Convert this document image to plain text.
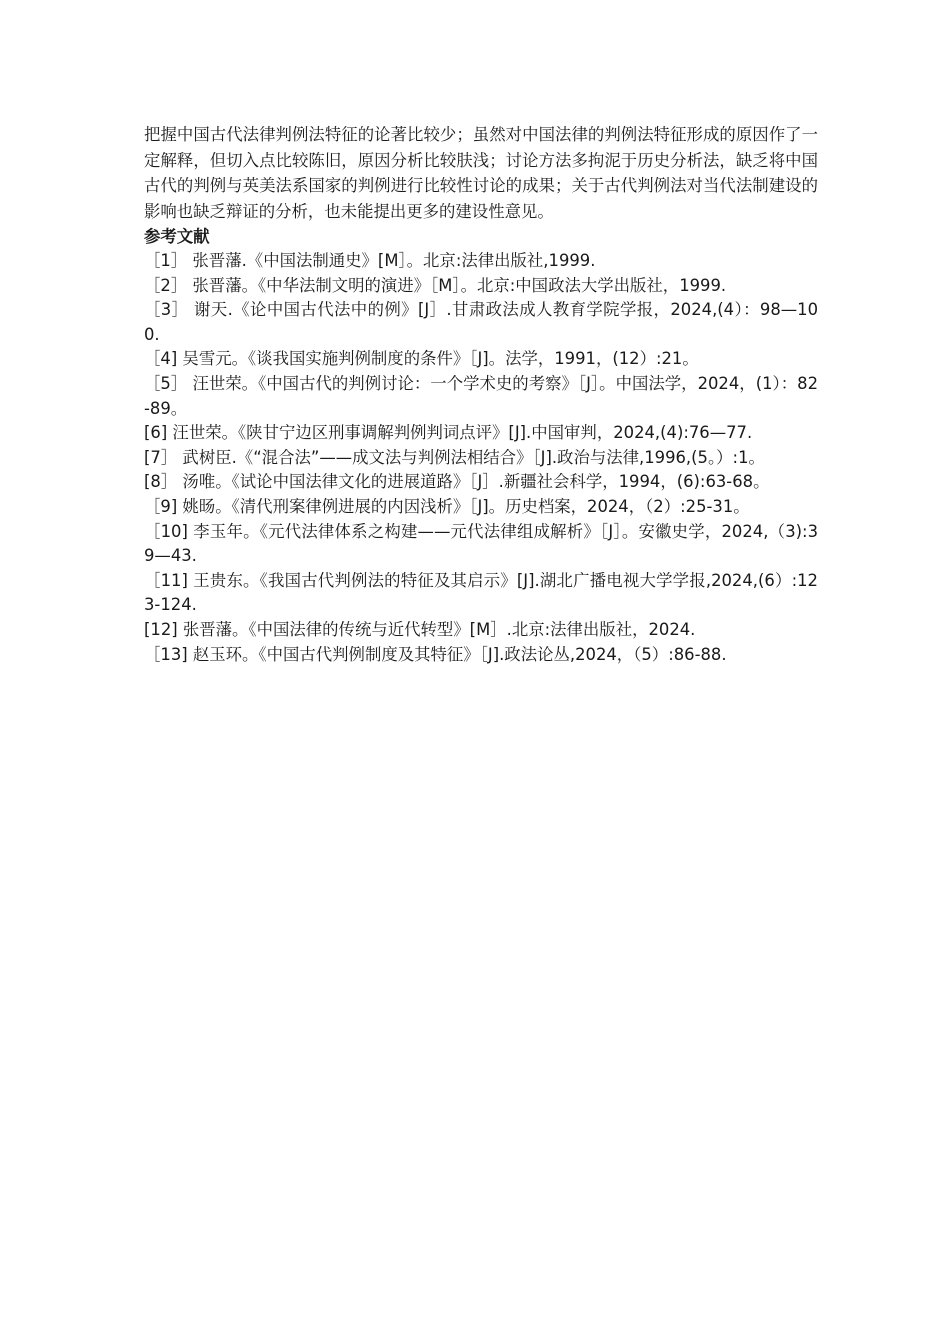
把握中国古代法律判例法特征的论著比较少；虽然对中国法律的判例法特征形成的原因作了一定解释，但切入点比较陈旧，原因分析比较肤浅；讨论方法多拘泥于历史分析法，缺乏将中国古代的判例与英美法系国家的判例进行比较性讨论的成果；关于古代判例法对当代法制建设的影响也缺乏辩证的分析，也未能提出更多的建设性意见。

参考文献
［1］ 张晋藩.《中国法制通史》[M］。北京:法律出版社,1999.
［2］ 张晋藩。《中华法制文明的演进》［M］。北京:中国政法大学出版社，1999.
［3］ 谢天.《论中国古代法中的例》[J］.甘肃政法成人教育学院学报，2024,(4）：98—100.
［4] 吴雪元。《谈我国实施判例制度的条件》［J]。法学，1991，(12）:21。
［5］ 汪世荣。《中国古代的判例讨论：一个学术史的考察》［J］。中国法学，2024，(1）：82-89。
[6] 汪世荣。《陕甘宁边区刑事调解判例判词点评》[J].中国审判，2024,(4):76—77.
[7］ 武树臣.《“混合法”——成文法与判例法相结合》［J].政治与法律,1996,(5。）:1。
[8］ 汤唯。《试论中国法律文化的进展道路》［J］.新疆社会科学，1994，(6):63-68。
［9] 姚旸。《清代刑案律例进展的内因浅析》［J]。历史档案，2024，（2）:25-31。
［10] 李玉年。《元代法律体系之构建——元代法律组成解析》［J］。安徽史学，2024,（3):39—43.
［11] 王贵东。《我国古代判例法的特征及其启示》[J].湖北广播电视大学学报,2024,(6）:123-124.
[12] 张晋藩。《中国法律的传统与近代转型》[M］.北京:法律出版社，2024.
［13] 赵玉环。《中国古代判例制度及其特征》［J].政法论丛,2024，（5）:86-88.
